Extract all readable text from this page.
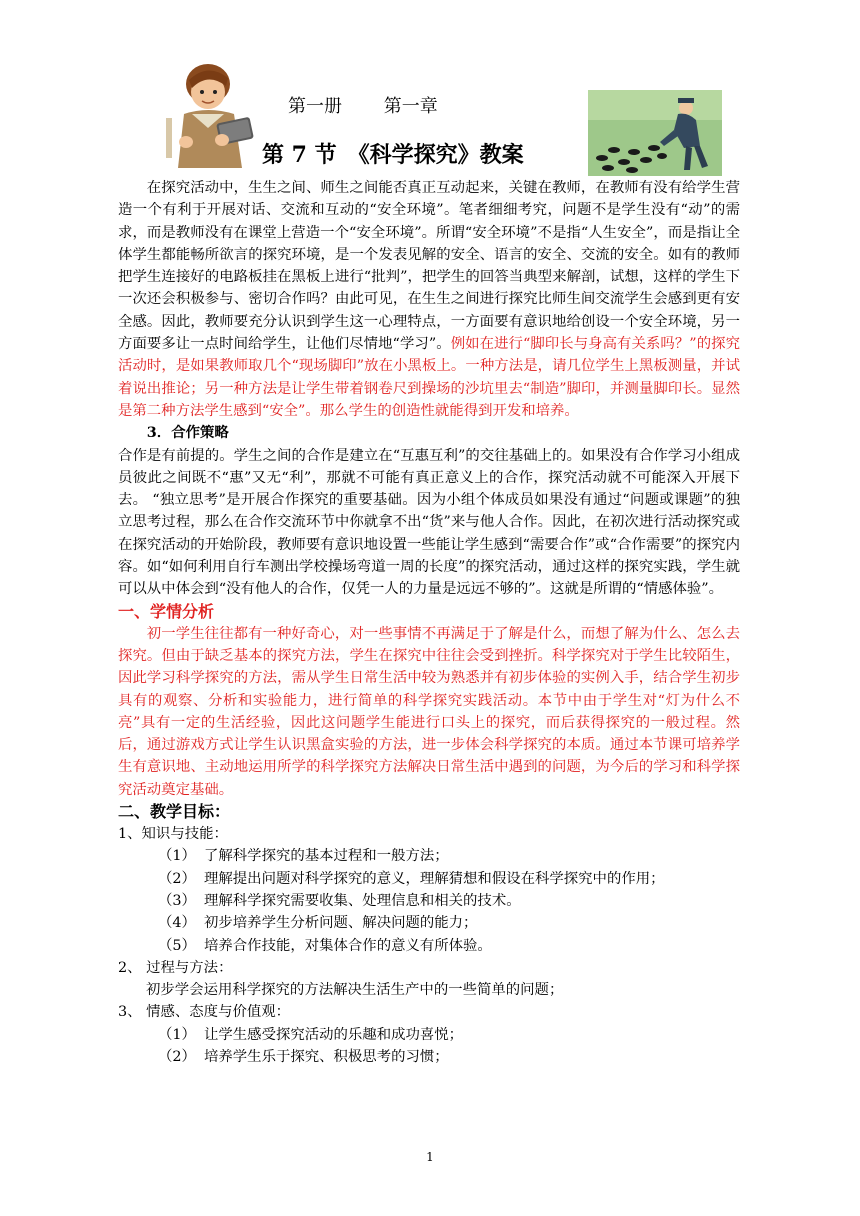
第一册　　 第一章
第 7 节　《科学探究》教案

在探究活动中，生生之间、师生之间能否真正互动起来，关键在教师，在教师有没有给学生营造一个有利于开展对话、交流和互动的“安全环境”。笔者细细考究，问题不是学生没有“动”的需求，而是教师没有在课堂上营造一个“安全环境”。所谓“安全环境”不是指“人生安全”，而是指让全体学生都能畅所欲言的探究环境，是一个发表见解的安全、语言的安全、交流的安全。如有的教师把学生连接好的电路板挂在黑板上进行“批判”，把学生的回答当典型来解剖，试想，这样的学生下一次还会积极参与、密切合作吗？由此可见，在生生之间进行探究比师生间交流学生会感到更有安全感。因此，教师要充分认识到学生这一心理特点，一方面要有意识地给创设一个安全环境，另一方面要多让一点时间给学生，让他们尽情地“学习”。例如在进行“脚印长与身高有关系吗？”的探究活动时，是如果教师取几个“现场脚印”放在小黑板上。一种方法是，请几位学生上黑板测量，并试着说出推论；另一种方法是让学生带着钢卷尺到操场的沙坑里去“制造”脚印，并测量脚印长。显然是第二种方法学生感到“安全”。那么学生的创造性就能得到开发和培养。

3．合作策略

合作是有前提的。学生之间的合作是建立在“互惠互利”的交往基础上的。如果没有合作学习小组成员彼此之间既不“惠”又无“利”，那就不可能有真正意义上的合作，探究活动就不可能深入开展下去。 “独立思考”是开展合作探究的重要基础。因为小组个体成员如果没有通过“问题或课题”的独立思考过程，那么在合作交流环节中你就拿不出“货”来与他人合作。因此，在初次进行活动探究或在探究活动的开始阶段，教师要有意识地设置一些能让学生感到“需要合作”或“合作需要”的探究内容。如“如何利用自行车测出学校操场弯道一周的长度”的探究活动，通过这样的探究实践，学生就可以从中体会到“没有他人的合作，仅凭一人的力量是远远不够的”。这就是所谓的“情感体验”。

一、学情分析

初一学生往往都有一种好奇心，对一些事情不再满足于了解是什么，而想了解为什么、怎么去探究。但由于缺乏基本的探究方法，学生在探究中往往会受到挫折。科学探究对于学生比较陌生，因此学习科学探究的方法，需从学生日常生活中较为熟悉并有初步体验的实例入手，结合学生初步具有的观察、分析和实验能力，进行简单的科学探究实践活动。本节中由于学生对“灯为什么不亮”具有一定的生活经验，因此这问题学生能进行口头上的探究，而后获得探究的一般过程。然后，通过游戏方式让学生认识黑盒实验的方法，进一步体会科学探究的本质。通过本节课可培养学生有意识地、主动地运用所学的科学探究方法解决日常生活中遇到的问题，为今后的学习和科学探究活动奠定基础。

二、教学目标：

1、知识与技能：

（1） 了解科学探究的基本过程和一般方法；

（2） 理解提出问题对科学探究的意义，理解猜想和假设在科学探究中的作用；

（3） 理解科学探究需要收集、处理信息和相关的技术。

（4） 初步培养学生分析问题、解决问题的能力；

（5） 培养合作技能，对集体合作的意义有所体验。

2、 过程与方法：

初步学会运用科学探究的方法解决生活生产中的一些简单的问题；

3、 情感、态度与价值观：

（1） 让学生感受探究活动的乐趣和成功喜悦；

（2） 培养学生乐于探究、积极思考的习惯；

1
